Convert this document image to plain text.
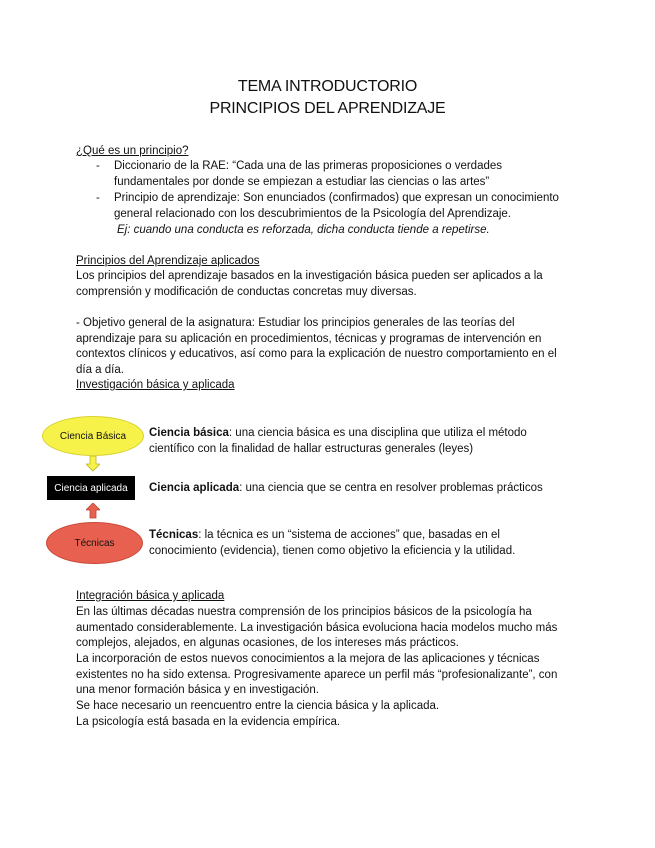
TEMA INTRODUCTORIO
PRINCIPIOS DEL APRENDIZAJE
¿Qué es un principio?
- Diccionario de la RAE: “Cada una de las primeras proposiciones o verdades
fundamentales por donde se empiezan a estudiar las ciencias o las artes”
- Principio de aprendizaje: Son enunciados (confirmados) que expresan un conocimiento
general relacionado con los descubrimientos de la Psicología del Aprendizaje.
Ej: cuando una conducta es reforzada, dicha conducta tiende a repetirse.
Principios del Aprendizaje aplicados
Los principios del aprendizaje basados en la investigación básica pueden ser aplicados a la
comprensión y modificación de conductas concretas muy diversas.
- Objetivo general de la asignatura: Estudiar los principios generales de las teorías del
aprendizaje para su aplicación en procedimientos, técnicas y programas de intervención en
contextos clínicos y educativos, así como para la explicación de nuestro comportamiento en el
día a día.
Investigación básica y aplicada
Ciencia Básica
Ciencia aplicada
Técnicas
Ciencia básica: una ciencia básica es una disciplina que utiliza el método
científico con la finalidad de hallar estructuras generales (leyes)
Ciencia aplicada: una ciencia que se centra en resolver problemas prácticos
Técnicas: la técnica es un “sistema de acciones” que, basadas en el
conocimiento (evidencia), tienen como objetivo la eficiencia y la utilidad.
Integración básica y aplicada
En las últimas décadas nuestra comprensión de los principios básicos de la psicología ha
aumentado considerablemente. La investigación básica evoluciona hacia modelos mucho más
complejos, alejados, en algunas ocasiones, de los intereses más prácticos.
La incorporación de estos nuevos conocimientos a la mejora de las aplicaciones y técnicas
existentes no ha sido extensa. Progresivamente aparece un perfil más “profesionalizante”, con
una menor formación básica y en investigación.
Se hace necesario un reencuentro entre la ciencia básica y la aplicada.
La psicología está basada en la evidencia empírica.
